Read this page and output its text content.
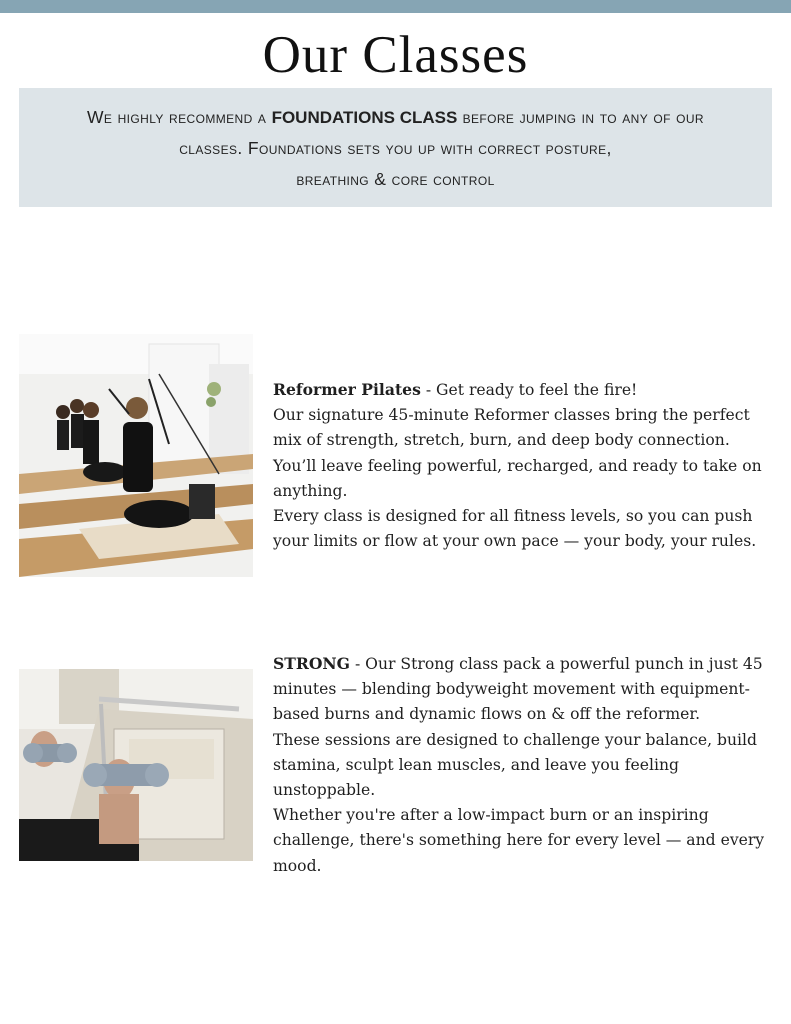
Our Classes
We highly recommend a FOUNDATIONS CLASS before jumping in to any of our
classes. Foundations sets you up with correct posture,
breathing & core control

Reformer Pilates - Get ready to feel the fire!

Our signature 45-minute Reformer classes bring the perfect

mix of strength, stretch, burn, and deep body connection.

You’ll leave feeling powerful, recharged, and ready to take on

anything.

Every class is designed for all fitness levels, so you can push

your limits or flow at your own pace — your body, your rules.

STRONG - Our Strong class pack a powerful punch in just 45

minutes — blending bodyweight movement with equipment-

based burns and dynamic flows on & off the reformer.

These sessions are designed to challenge your balance, build

stamina, sculpt lean muscles, and leave you feeling

unstoppable.

Whether you're after a low-impact burn or an inspiring

challenge, there's something here for every level — and every

mood.
